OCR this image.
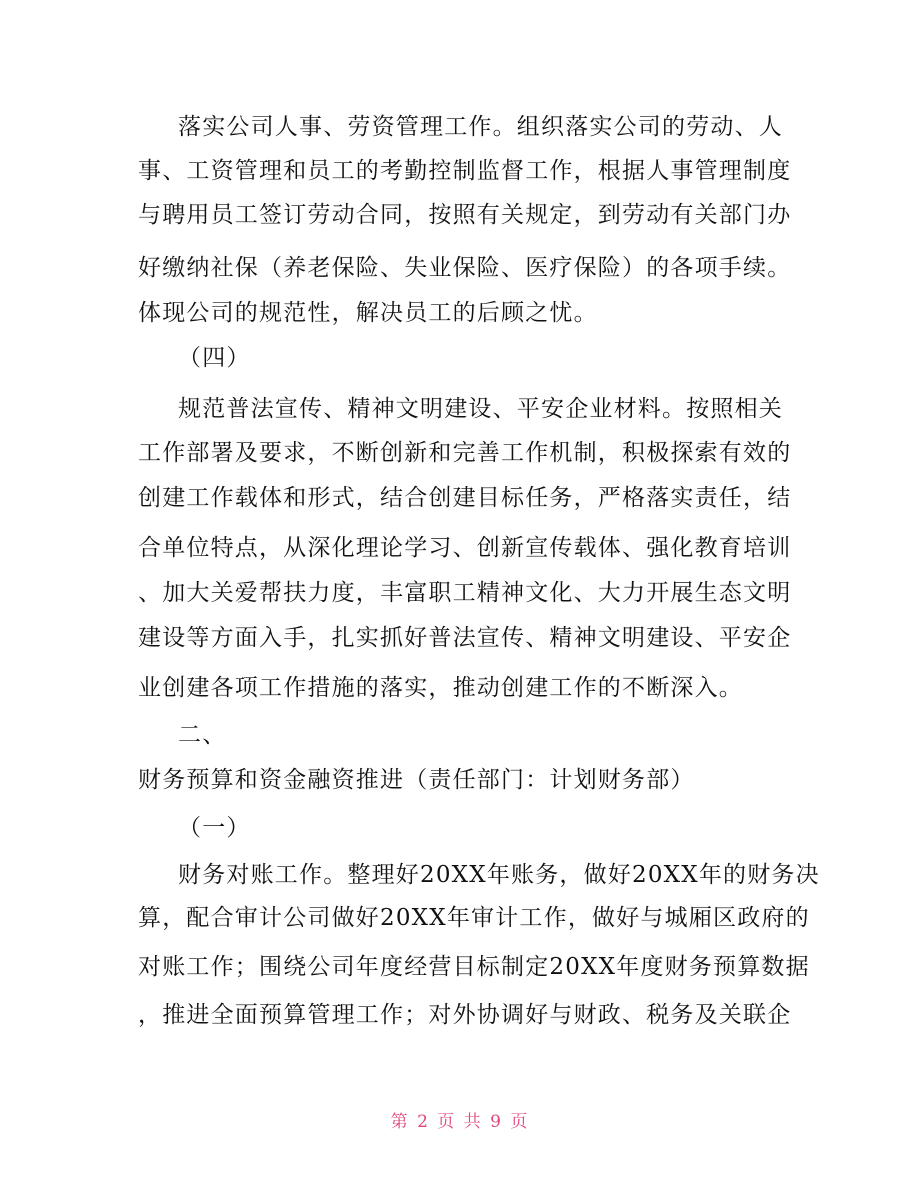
落实公司人事、劳资管理工作。组织落实公司的劳动、人
事、工资管理和员工的考勤控制监督工作，根据人事管理制度
与聘用员工签订劳动合同，按照有关规定，到劳动有关部门办
好缴纳社保（养老保险、失业保险、医疗保险）的各项手续。
体现公司的规范性，解决员工的后顾之忧。
（四）
规范普法宣传、精神文明建设、平安企业材料。按照相关
工作部署及要求，不断创新和完善工作机制，积极探索有效的
创建工作载体和形式，结合创建目标任务，严格落实责任，结
合单位特点，从深化理论学习、创新宣传载体、强化教育培训
、加大关爱帮扶力度，丰富职工精神文化、大力开展生态文明
建设等方面入手，扎实抓好普法宣传、精神文明建设、平安企
业创建各项工作措施的落实，推动创建工作的不断深入。
二、
财务预算和资金融资推进（责任部门：计划财务部）
（一）
财务对账工作。整理好20XX年账务，做好20XX年的财务决
算，配合审计公司做好20XX年审计工作，做好与城厢区政府的
对账工作；围绕公司年度经营目标制定20XX年度财务预算数据
，推进全面预算管理工作；对外协调好与财政、税务及关联企
第 2 页 共 9 页
